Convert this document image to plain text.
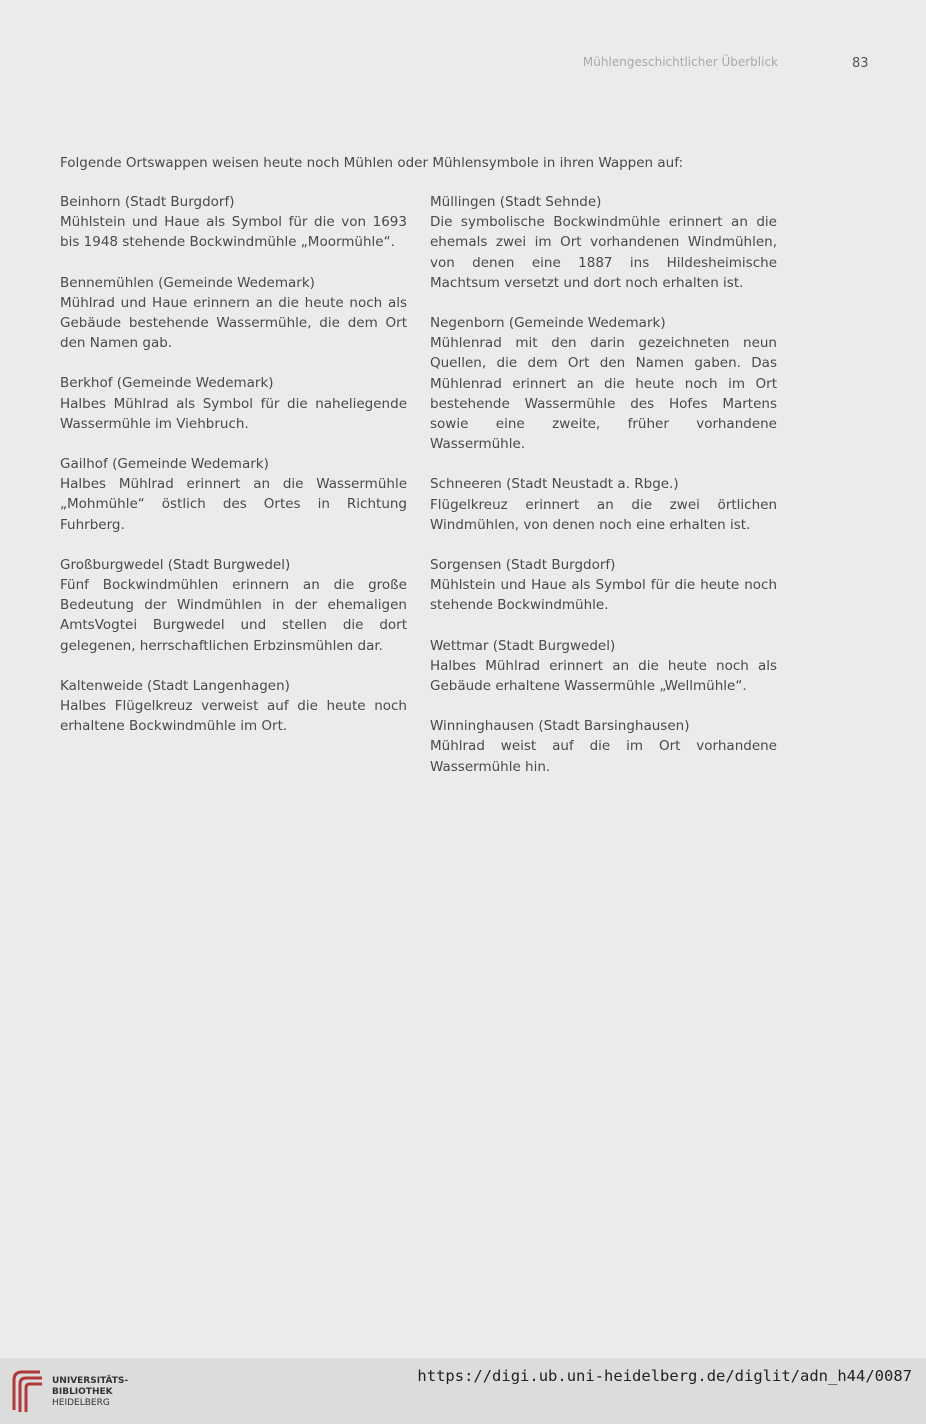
Mühlengeschichtlicher Überblick	83
Folgende Ortswappen weisen heute noch Mühlen oder Mühlensymbole in ihren Wappen auf:
Beinhorn (Stadt Burgdorf)
Mühlstein und Haue als Symbol für die von 1693 bis 1948 stehende Bockwindmühle „Moormühle“.
Bennemühlen (Gemeinde Wedemark)
Mühlrad und Haue erinnern an die heute noch als Gebäude bestehende Wassermühle, die dem Ort den Namen gab.
Berkhof (Gemeinde Wedemark)
Halbes Mühlrad als Symbol für die naheliegende Wassermühle im Viehbruch.
Gailhof (Gemeinde Wedemark)
Halbes Mühlrad erinnert an die Wassermühle „Mohmühle“ östlich des Ortes in Richtung Fuhrberg.
Großburgwedel (Stadt Burgwedel)
Fünf Bockwindmühlen erinnern an die große Bedeutung der Windmühlen in der ehemaligen AmtsVogtei Burgwedel und stellen die dort gelegenen, herrschaftlichen Erbzinsmühlen dar.
Kaltenweide (Stadt Langenhagen)
Halbes Flügelkreuz verweist auf die heute noch erhaltene Bockwindmühle im Ort.
Müllingen (Stadt Sehnde)
Die symbolische Bockwindmühle erinnert an die ehemals zwei im Ort vorhandenen Windmühlen, von denen eine 1887 ins Hildesheimische Machtsum versetzt und dort noch erhalten ist.
Negenborn (Gemeinde Wedemark)
Mühlenrad mit den darin gezeichneten neun Quellen, die dem Ort den Namen gaben. Das Mühlenrad erinnert an die heute noch im Ort bestehende Wassermühle des Hofes Martens sowie eine zweite, früher vorhandene Wassermühle.
Schneeren (Stadt Neustadt a. Rbge.)
Flügelkreuz erinnert an die zwei örtlichen Windmühlen, von denen noch eine erhalten ist.
Sorgensen (Stadt Burgdorf)
Mühlstein und Haue als Symbol für die heute noch stehende Bockwindmühle.
Wettmar (Stadt Burgwedel)
Halbes Mühlrad erinnert an die heute noch als Gebäude erhaltene Wassermühle „Wellmühle“.
Winninghausen (Stadt Barsinghausen)
Mühlrad weist auf die im Ort vorhandene Wassermühle hin.
UNIVERSITÄTS-
BIBLIOTHEK
HEIDELBERG
https://digi.ub.uni-heidelberg.de/diglit/adn_h44/0087
